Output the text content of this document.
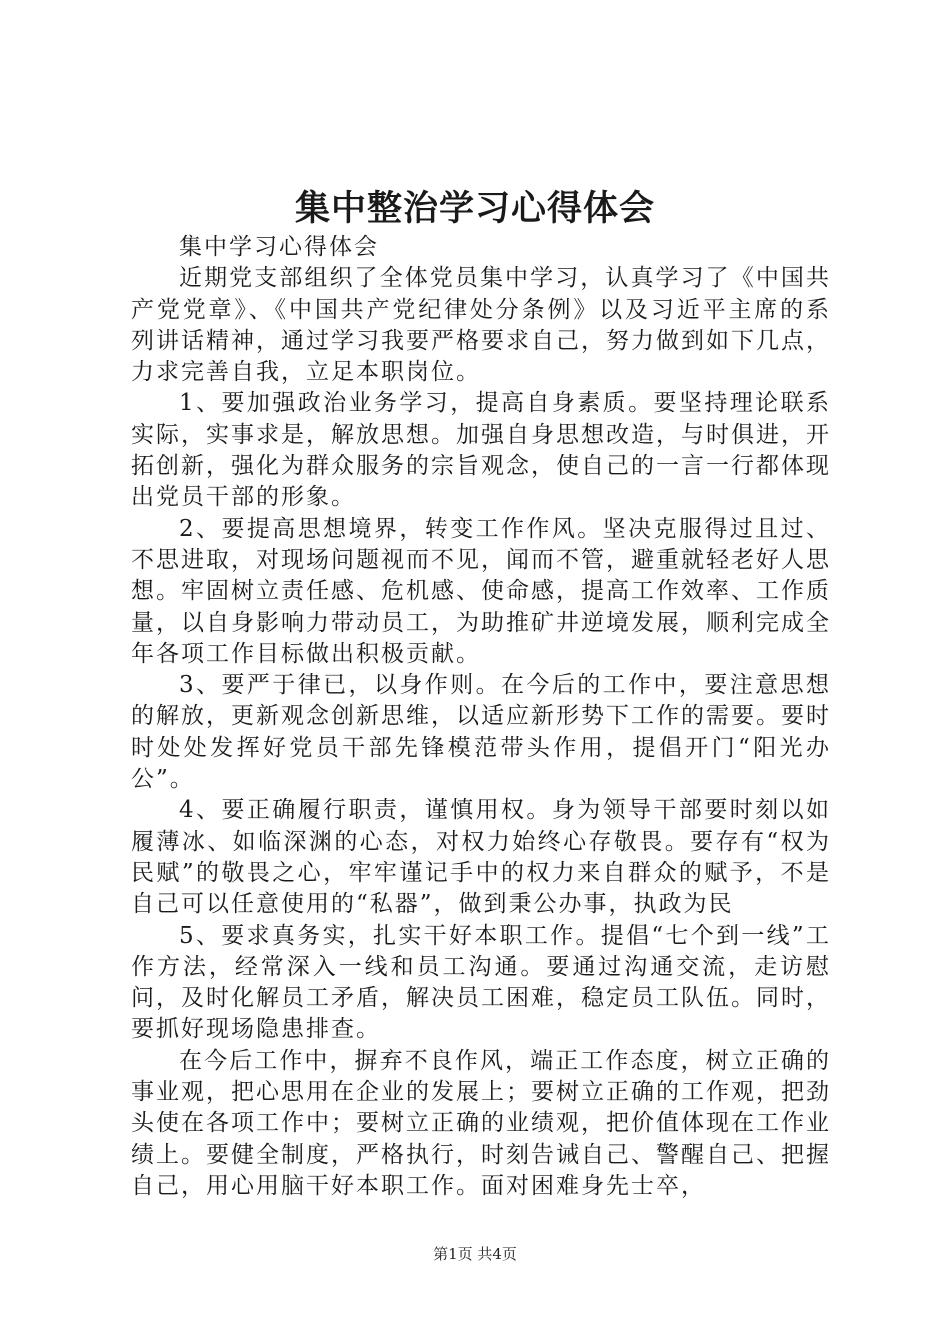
集中整治学习心得体会

集中学习心得体会

近期党支部组织了全体党员集中学习，认真学习了《中国共产党党章》、《中国共产党纪律处分条例》以及习近平主席的系列讲话精神，通过学习我要严格要求自己，努力做到如下几点，力求完善自我，立足本职岗位。

1、要加强政治业务学习，提高自身素质。要坚持理论联系实际，实事求是，解放思想。加强自身思想改造，与时俱进，开拓创新，强化为群众服务的宗旨观念，使自己的一言一行都体现出党员干部的形象。

2、要提高思想境界，转变工作作风。坚决克服得过且过、不思进取，对现场问题视而不见，闻而不管，避重就轻老好人思想。牢固树立责任感、危机感、使命感，提高工作效率、工作质量，以自身影响力带动员工，为助推矿井逆境发展，顺利完成全年各项工作目标做出积极贡献。

3、要严于律已，以身作则。在今后的工作中，要注意思想的解放，更新观念创新思维，以适应新形势下工作的需要。要时时处处发挥好党员干部先锋模范带头作用，提倡开门“阳光办公”。

4、要正确履行职责，谨慎用权。身为领导干部要时刻以如履薄冰、如临深渊的心态，对权力始终心存敬畏。要存有“权为民赋”的敬畏之心，牢牢谨记手中的权力来自群众的赋予，不是自己可以任意使用的“私器”，做到秉公办事，执政为民

5、要求真务实，扎实干好本职工作。提倡“七个到一线”工作方法，经常深入一线和员工沟通。要通过沟通交流，走访慰问，及时化解员工矛盾，解决员工困难，稳定员工队伍。同时，要抓好现场隐患排查。

在今后工作中，摒弃不良作风，端正工作态度，树立正确的事业观，把心思用在企业的发展上；要树立正确的工作观，把劲头使在各项工作中；要树立正确的业绩观，把价值体现在工作业绩上。要健全制度，严格执行，时刻告诫自己、警醒自己、把握自己，用心用脑干好本职工作。面对困难身先士卒，

第1页 共4页
